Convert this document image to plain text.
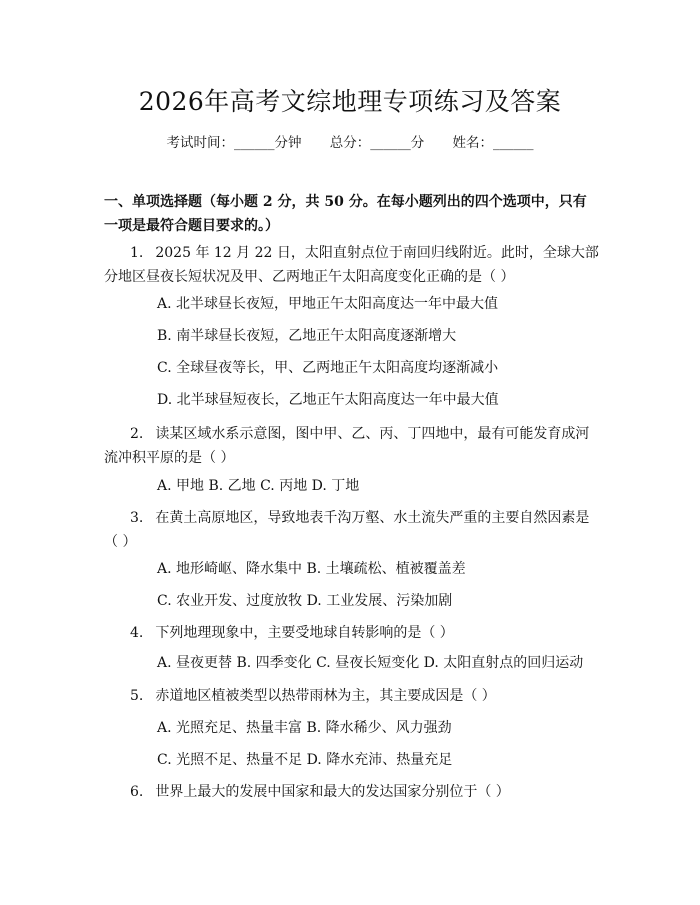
2026年高考文综地理专项练习及答案
考试时间：______分钟 总分：______分 姓名：______
一、单项选择题（每小题 2 分，共 50 分。在每小题列出的四个选项中，只有一项是最符合题目要求的。）
1. 2025 年 12 月 22 日，太阳直射点位于南回归线附近。此时，全球大部分地区昼夜长短状况及甲、乙两地正午太阳高度变化正确的是（ ）
A. 北半球昼长夜短，甲地正午太阳高度达一年中最大值
B. 南半球昼长夜短，乙地正午太阳高度逐渐增大
C. 全球昼夜等长，甲、乙两地正午太阳高度均逐渐减小
D. 北半球昼短夜长，乙地正午太阳高度达一年中最大值
2. 读某区域水系示意图，图中甲、乙、丙、丁四地中，最有可能发育成河流冲积平原的是（ ）
A. 甲地 B. 乙地 C. 丙地 D. 丁地
3. 在黄土高原地区，导致地表千沟万壑、水土流失严重的主要自然因素是（ ）
A. 地形崎岖、降水集中 B. 土壤疏松、植被覆盖差
C. 农业开发、过度放牧 D. 工业发展、污染加剧
4. 下列地理现象中，主要受地球自转影响的是（ ）
A. 昼夜更替 B. 四季变化 C. 昼夜长短变化 D. 太阳直射点的回归运动
5. 赤道地区植被类型以热带雨林为主，其主要成因是（ ）
A. 光照充足、热量丰富 B. 降水稀少、风力强劲
C. 光照不足、热量不足 D. 降水充沛、热量充足
6. 世界上最大的发展中国家和最大的发达国家分别位于（ ）
